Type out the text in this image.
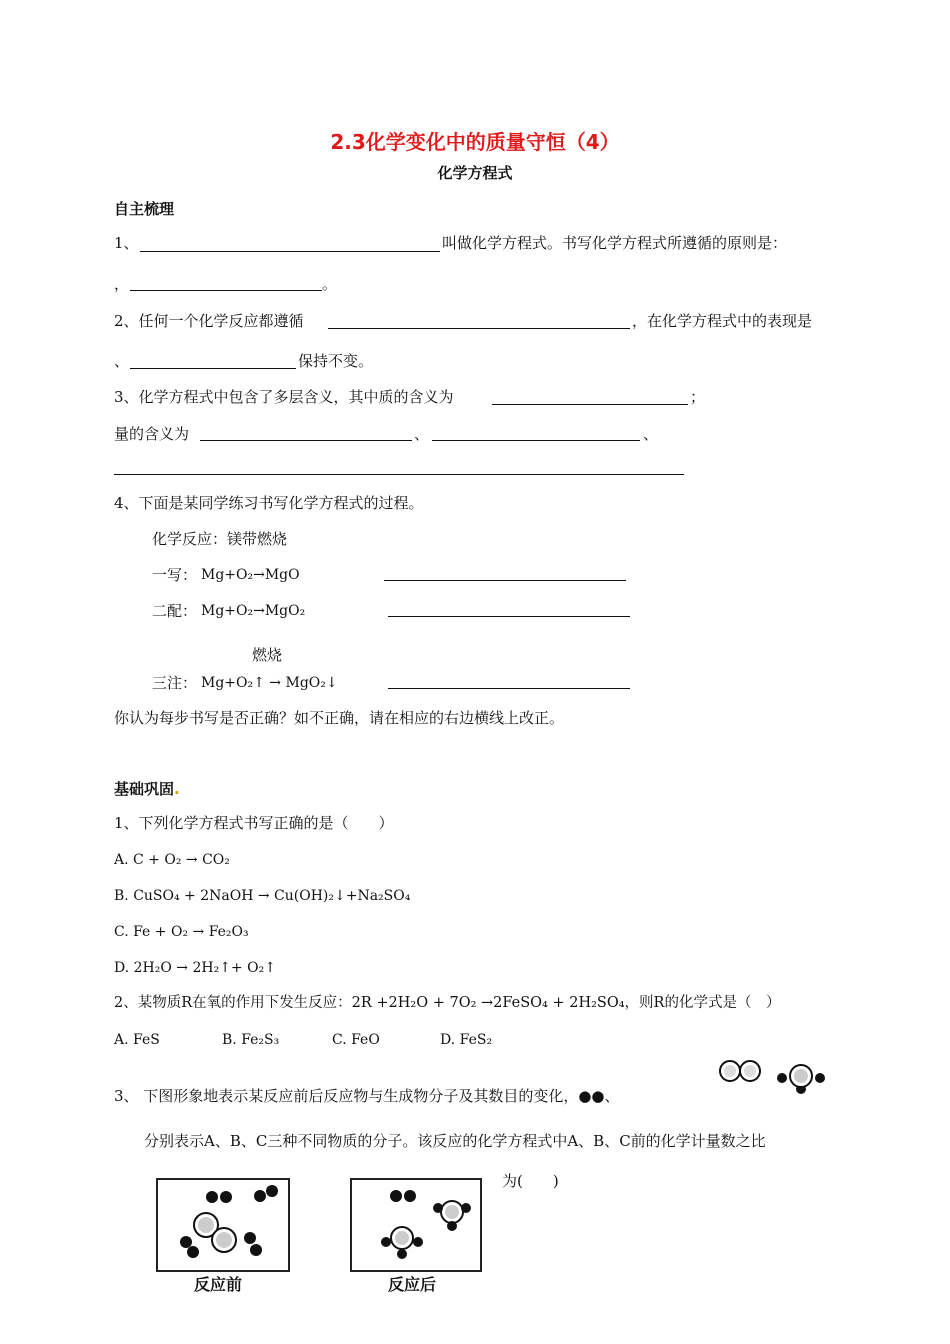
2.3化学变化中的质量守恒（4）
化学方程式
自主梳理
1、	叫做化学方程式。书写化学方程式所遵循的原则是：
，	。
2、任何一个化学反应都遵循	，在化学方程式中的表现是
、	保持不变。
3、化学方程式中包含了多层含义，其中质的含义为	；
量的含义为	、	、
4、下面是某同学练习书写化学方程式的过程。
化学反应：镁带燃烧
一写： Mg+O₂→MgO
二配： Mg+O₂→MgO₂
燃烧
三注： Mg+O₂↑ → MgO₂↓
你认为每步书写是否正确？如不正确，请在相应的右边横线上改正。
基础巩固.
1、下列化学方程式书写正确的是（　　）
A. C + O₂ → CO₂
B. CuSO₄ + 2NaOH → Cu(OH)₂↓+Na₂SO₄
C. Fe + O₂ → Fe₂O₃
D. 2H₂O → 2H₂↑+ O₂↑
2、某物质R在氧的作用下发生反应：2R +2H₂O + 7O₂ →2FeSO₄ + 2H₂SO₄，则R的化学式是（　）
A. FeS	B. Fe₂S₃	C. FeO	D. FeS₂
3、 下图形象地表示某反应前后反应物与生成物分子及其数目的变化，●●、
分别表示A、B、C三种不同物质的分子。该反应的化学方程式中A、B、C前的化学计量数之比
为(　　)
反应前	反应后
